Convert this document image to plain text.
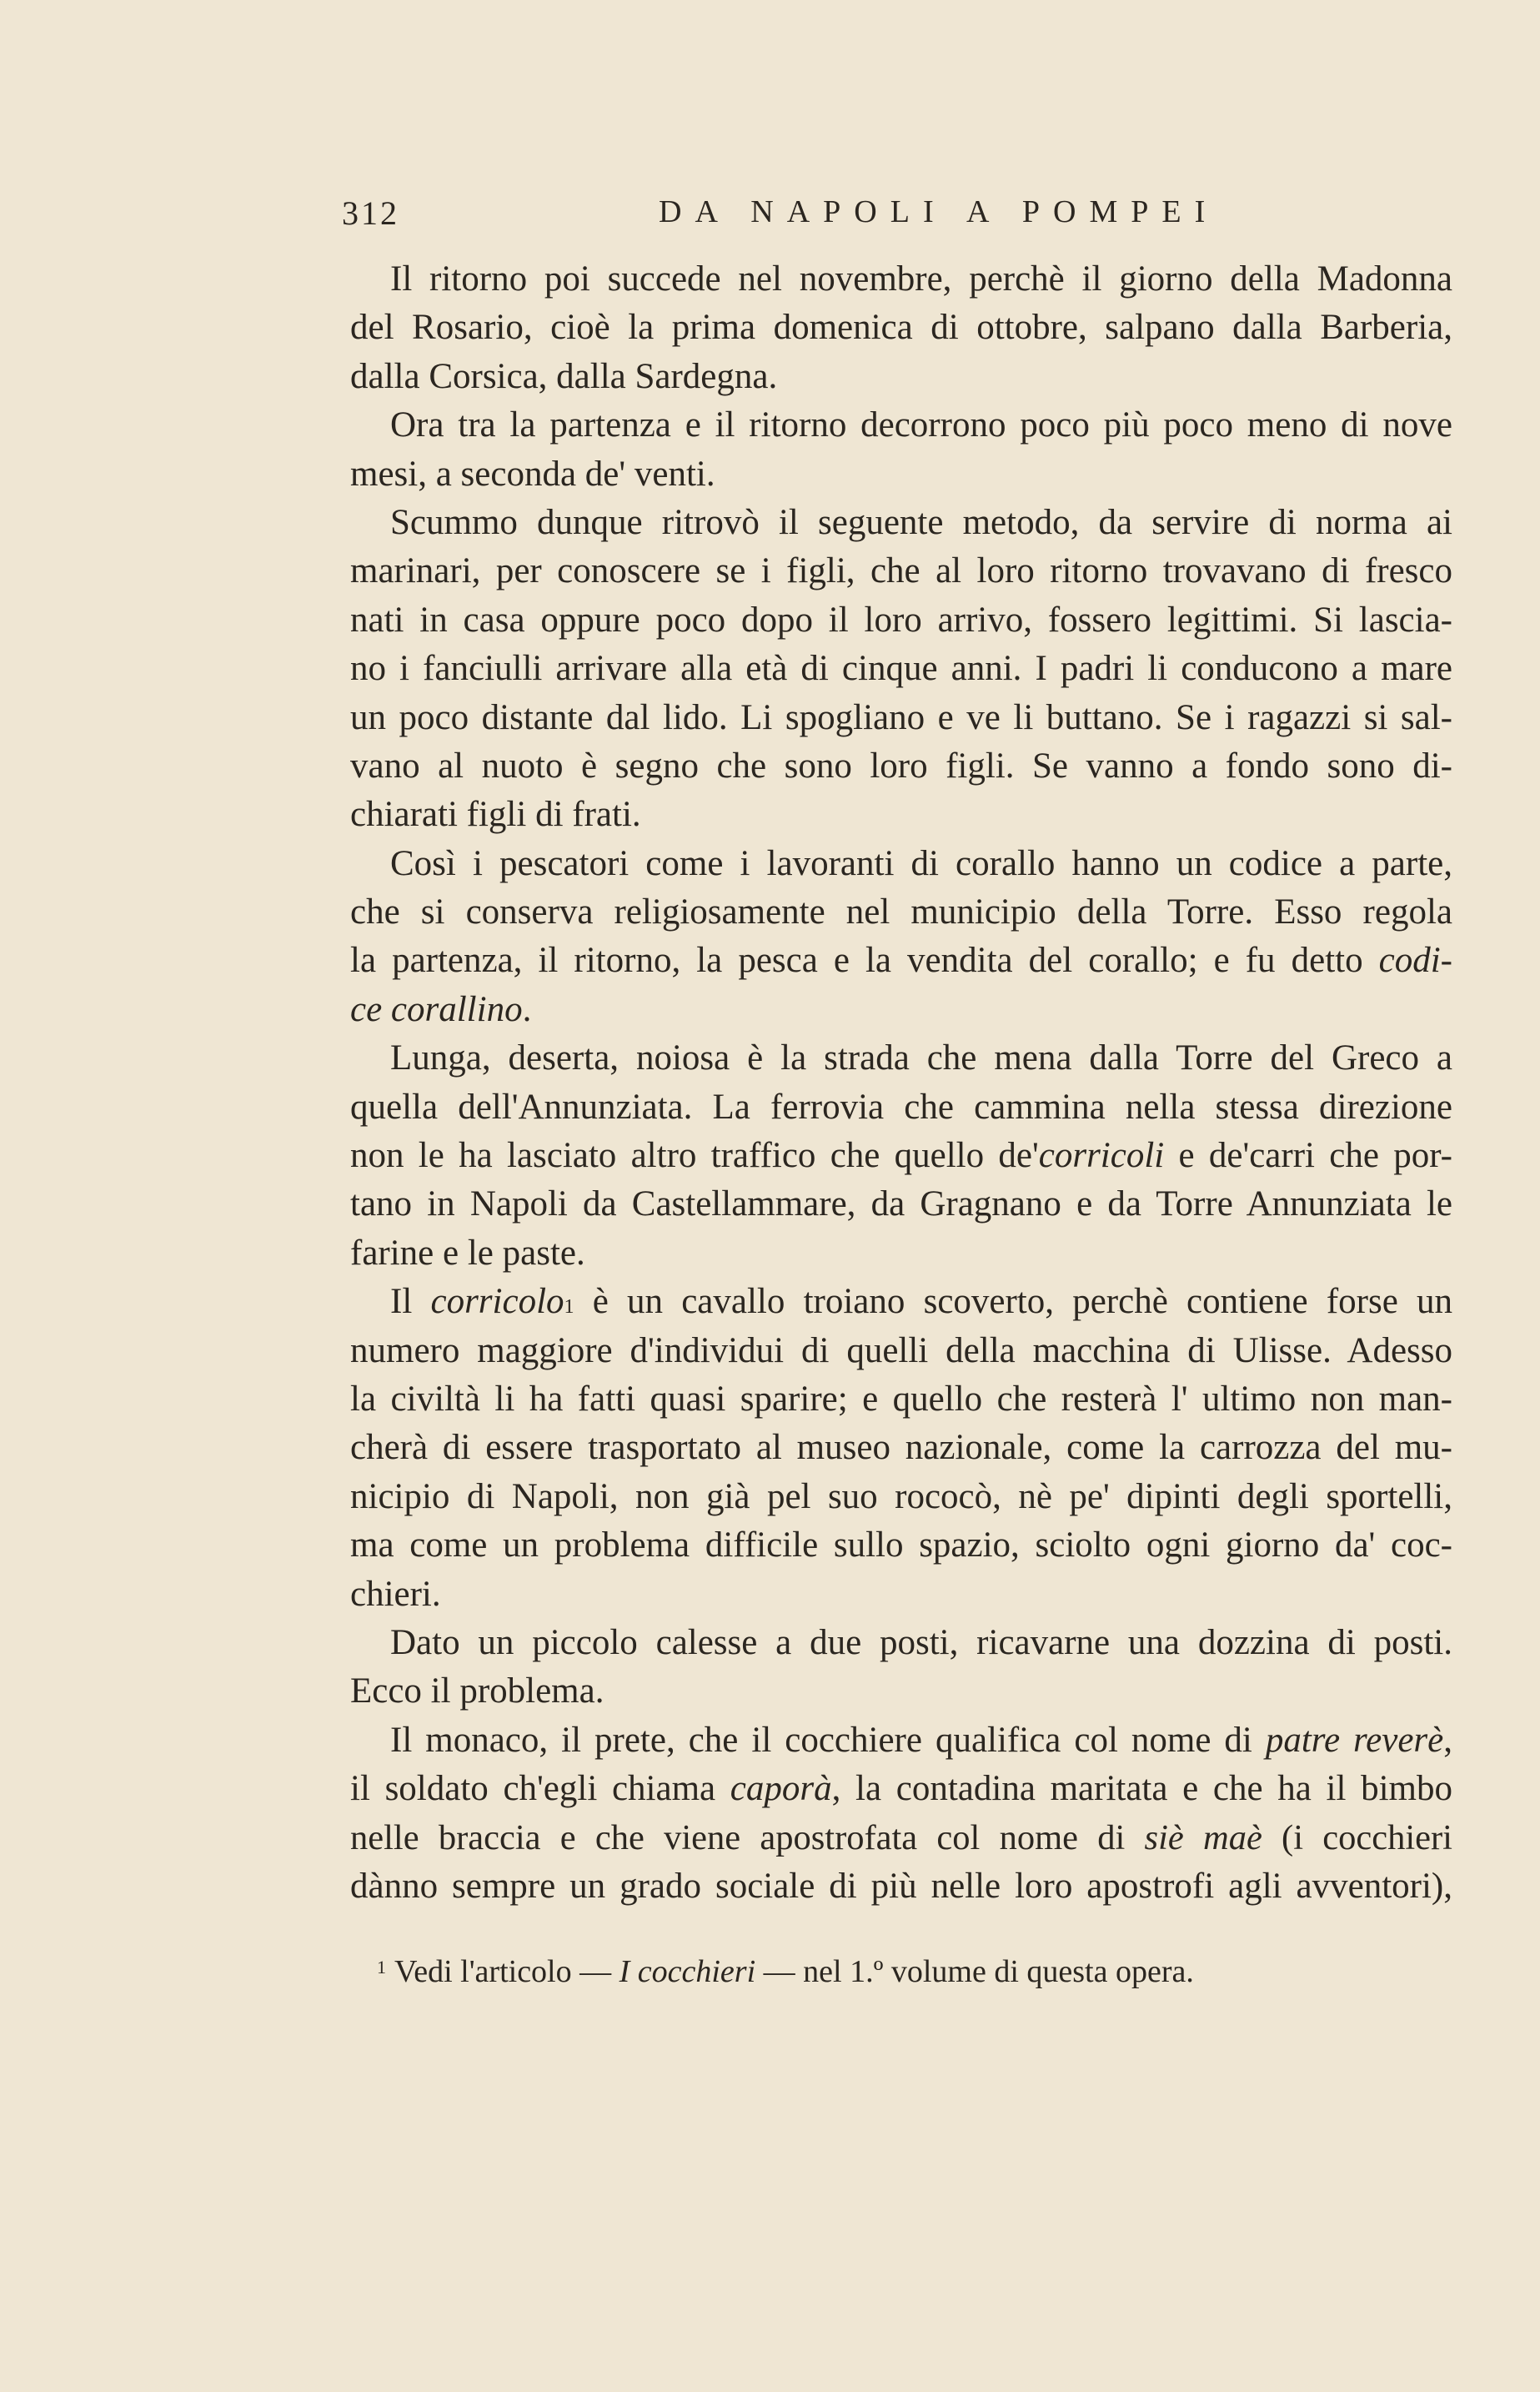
312	DA NAPOLI A POMPEI
Il ritorno poi succede nel novembre, perchè il giorno della Madonna
del Rosario, cioè la prima domenica di ottobre, salpano dalla Barberia,
dalla Corsica, dalla Sardegna.
Ora tra la partenza e il ritorno decorrono poco più poco meno di nove
mesi, a seconda de' venti.
Scummo dunque ritrovò il seguente metodo, da servire di norma ai
marinari, per conoscere se i figli, che al loro ritorno trovavano di fresco
nati in casa oppure poco dopo il loro arrivo, fossero legittimi. Si lascia-
no i fanciulli arrivare alla età di cinque anni. I padri li conducono a mare
un poco distante dal lido. Li spogliano e ve li buttano. Se i ragazzi si sal-
vano al nuoto è segno che sono loro figli. Se vanno a fondo sono di-
chiarati figli di frati.
Così i pescatori come i lavoranti di corallo hanno un codice a parte,
che si conserva religiosamente nel municipio della Torre. Esso regola
la partenza, il ritorno, la pesca e la vendita del corallo; e fu detto codi-
ce corallino.
Lunga, deserta, noiosa è la strada che mena dalla Torre del Greco a
quella dell'Annunziata. La ferrovia che cammina nella stessa direzione
non le ha lasciato altro traffico che quello de'corricoli e de'carri che por-
tano in Napoli da Castellammare, da Gragnano e da Torre Annunziata le
farine e le paste.
Il corricolo$^1$ è un cavallo troiano scoverto, perchè contiene forse un
numero maggiore d'individui di quelli della macchina di Ulisse. Adesso
la civiltà li ha fatti quasi sparire; e quello che resterà l' ultimo non man-
cherà di essere trasportato al museo nazionale, come la carrozza del mu-
nicipio di Napoli, non già pel suo rococò, nè pe' dipinti degli sportelli,
ma come un problema difficile sullo spazio, sciolto ogni giorno da' coc-
chieri.
Dato un piccolo calesse a due posti, ricavarne una dozzina di posti.
Ecco il problema.
Il monaco, il prete, che il cocchiere qualifica col nome di patre reverè,
il soldato ch'egli chiama caporà, la contadina maritata e che ha il bimbo
nelle braccia e che viene apostrofata col nome di siè maè (i cocchieri
dànno sempre un grado sociale di più nelle loro apostrofi agli avventori),
$^1$ Vedi l'articolo — I cocchieri — nel 1.º volume di questa opera.
